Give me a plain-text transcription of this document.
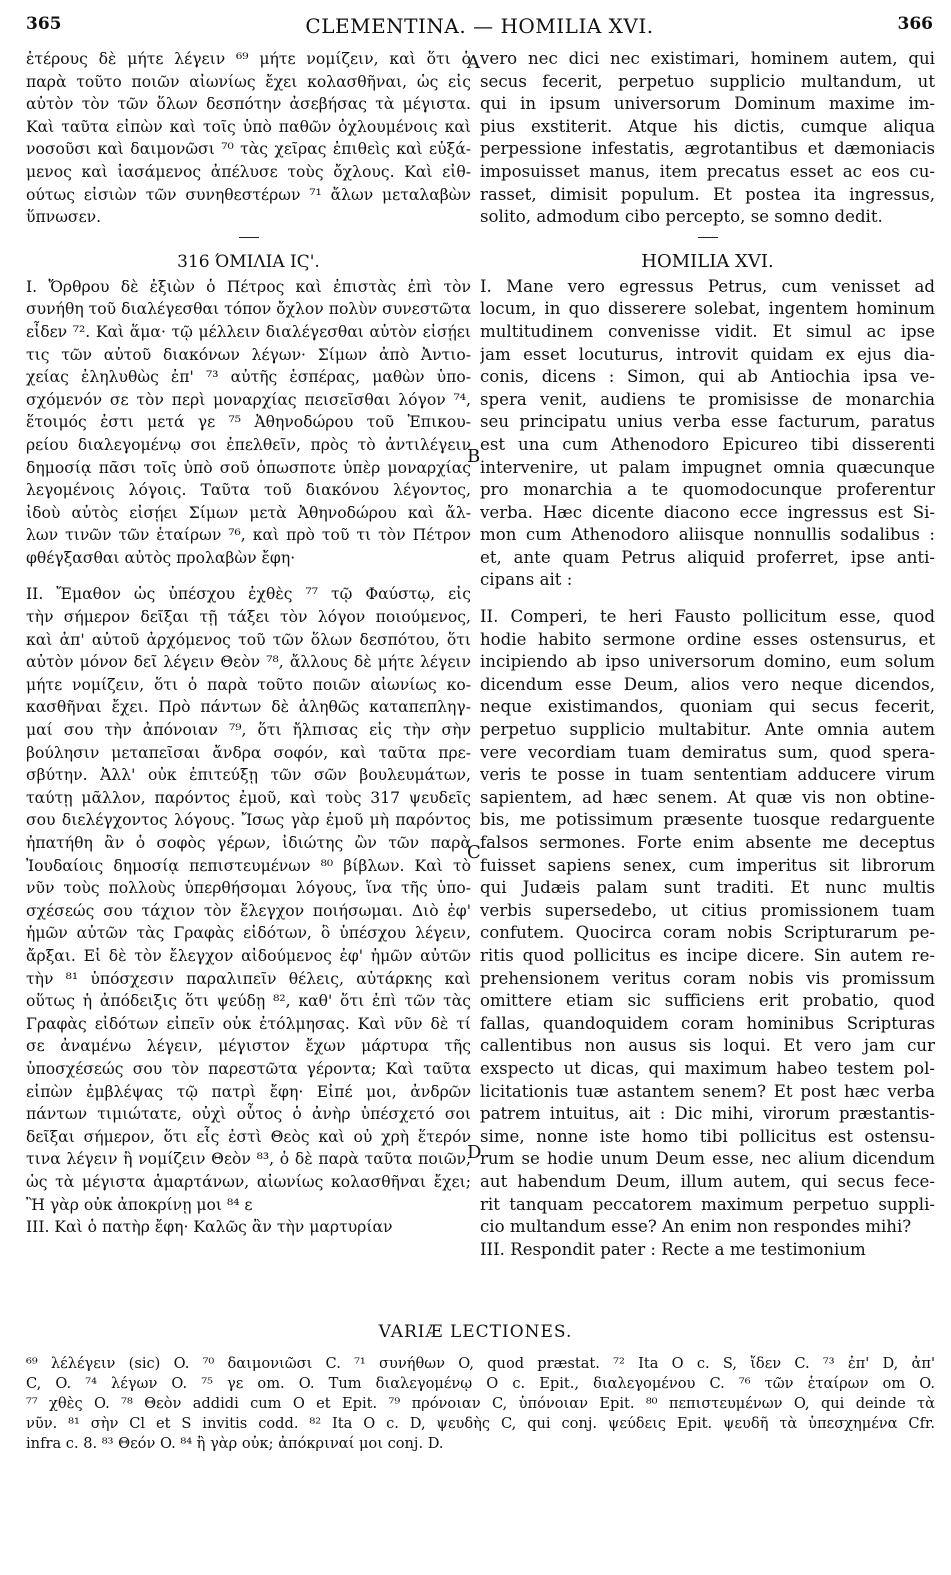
365	CLEMENTINA. — HOMILIA XVI.	366
ἑτέρους δὲ μήτε λέγειν ⁶⁹ μήτε νομίζειν, καὶ ὅτι ὁ
παρὰ τοῦτο ποιῶν αἰωνίως ἔχει κολασθῆναι, ὡς εἰς
αὐτὸν τὸν τῶν ὅλων δεσπότην ἀσεβήσας τὰ μέγιστα.
Καὶ ταῦτα εἰπὼν καὶ τοῖς ὑπὸ παθῶν ὀχλουμένοις καὶ
νοσοῦσι καὶ δαιμονῶσι ⁷⁰ τὰς χεῖρας ἐπιθεὶς καὶ εὐξά-
μενος καὶ ἰασάμενος ἀπέλυσε τοὺς ὄχλους. Καὶ εἰθ-
ούτως εἰσιὼν τῶν συνηθεστέρων ⁷¹ ἄλων μεταλαβὼν
ὕπνωσεν.
316 ΌΜΙΛΙΑ ΙϚ'.
I. Ὄρθρου δὲ ἐξιὼν ὁ Πέτρος καὶ ἐπιστὰς ἐπὶ τὸν
συνήθη τοῦ διαλέγεσθαι τόπον ὄχλον πολὺν συνεστῶτα
εἶδεν ⁷². Καὶ ἅμα· τῷ μέλλειν διαλέγεσθαι αὐτὸν εἰσῄει
τις τῶν αὐτοῦ διακόνων λέγων· Σίμων ἀπὸ Ἀντιο-
χείας ἐληλυθὼς ἐπ' ⁷³ αὐτῆς ἑσπέρας, μαθὼν ὑπο-
σχόμενόν σε τὸν περὶ μοναρχίας πεισεῖσθαι λόγον ⁷⁴,
ἕτοιμός ἐστι μετά γε ⁷⁵ Ἀθηνοδώρου τοῦ Ἐπικου-
ρείου διαλεγομένῳ σοι ἐπελθεῖν, πρὸς τὸ ἀντιλέγειν
δημοσίᾳ πᾶσι τοῖς ὑπὸ σοῦ ὁπωσποτε ὑπὲρ μοναρχίας
λεγομένοις λόγοις. Ταῦτα τοῦ διακόνου λέγοντος,
ἰδοὺ αὐτὸς εἰσῄει Σίμων μετὰ Ἀθηνοδώρου καὶ ἄλ-
λων τινῶν τῶν ἑταίρων ⁷⁶, καὶ πρὸ τοῦ τι τὸν Πέτρον
φθέγξασθαι αὐτὸς προλαβὼν ἔφη·
II. Ἔμαθον ὡς ὑπέσχου ἐχθὲς ⁷⁷ τῷ Φαύστῳ, εἰς
τὴν σήμερον δεῖξαι τῇ τάξει τὸν λόγον ποιούμενος,
καὶ ἀπ' αὐτοῦ ἀρχόμενος τοῦ τῶν ὅλων δεσπότου, ὅτι
αὐτὸν μόνον δεῖ λέγειν Θεὸν ⁷⁸, ἄλλους δὲ μήτε λέγειν
μήτε νομίζειν, ὅτι ὁ παρὰ τοῦτο ποιῶν αἰωνίως κο-
κασθῆναι ἔχει. Πρὸ πάντων δὲ ἀληθῶς καταπεπληγ-
μαί σου τὴν ἀπόνοιαν ⁷⁹, ὅτι ἤλπισας εἰς τὴν σὴν
βούλησιν μεταπεῖσαι ἄνδρα σοφόν, καὶ ταῦτα πρε-
σβύτην. Ἀλλ' οὐκ ἐπιτεύξῃ τῶν σῶν βουλευμάτων,
ταύτῃ μᾶλλον, παρόντος ἐμοῦ, καὶ τοὺς 317 ψευδεῖς
σου διελέγχοντος λόγους. Ἴσως γὰρ ἐμοῦ μὴ παρόντος
ἠπατήθη ἂν ὁ σοφὸς γέρων, ἰδιώτης ὢν τῶν παρὰ
Ἰουδαίοις δημοσίᾳ πεπιστευμένων ⁸⁰ βίβλων. Καὶ τὸ
νῦν τοὺς πολλοὺς ὑπερθήσομαι λόγους, ἵνα τῆς ὑπο-
σχέσεώς σου τάχιον τὸν ἔλεγχον ποιήσωμαι. Διὸ ἐφ'
ἡμῶν αὐτῶν τὰς Γραφὰς εἰδότων, ὃ ὑπέσχου λέγειν,
ἄρξαι. Εἰ δὲ τὸν ἔλεγχον αἰδούμενος ἐφ' ἡμῶν αὐτῶν
τὴν ⁸¹ ὑπόσχεσιν παραλιπεῖν θέλεις, αὐτάρκης καὶ
οὕτως ἡ ἀπόδειξις ὅτι ψεύδῃ ⁸², καθ' ὅτι ἐπὶ τῶν τὰς
Γραφὰς εἰδότων εἰπεῖν οὐκ ἐτόλμησας. Καὶ νῦν δὲ τί
σε ἀναμένω λέγειν, μέγιστον ἔχων μάρτυρα τῆς
ὑποσχέσεώς σου τὸν παρεστῶτα γέροντα; Καὶ ταῦτα
εἰπὼν ἐμβλέψας τῷ πατρὶ ἔφη· Εἰπέ μοι, ἀνδρῶν
πάντων τιμιώτατε, οὐχὶ οὗτος ὁ ἀνὴρ ὑπέσχετό σοι
δεῖξαι σήμερον, ὅτι εἷς ἐστὶ Θεὸς καὶ οὐ χρὴ ἕτερόν
τινα λέγειν ἢ νομίζειν Θεὸν ⁸³, ὁ δὲ παρὰ ταῦτα ποιῶν,
ὡς τὰ μέγιστα ἁμαρτάνων, αἰωνίως κολασθῆναι ἔχει;
Ἢ γὰρ οὐκ ἀποκρίνῃ μοι ⁸⁴ ε
III. Καὶ ὁ πατὴρ ἔφη· Καλῶς ἂν τὴν μαρτυρίαν
vero nec dici nec existimari, hominem autem, qui
secus fecerit, perpetuo supplicio multandum, ut
qui in ipsum universorum Dominum maxime im-
pius exstiterit. Atque his dictis, cumque aliqua
perpessione infestatis, ægrotantibus et dæmoniacis
imposuisset manus, item precatus esset ac eos cu-
rasset, dimisit populum. Et postea ita ingressus,
solito, admodum cibo percepto, se somno dedit.
HOMILIA XVI.
I. Mane vero egressus Petrus, cum venisset ad
locum, in quo disserere solebat, ingentem hominum
multitudinem convenisse vidit. Et simul ac ipse
jam esset locuturus, introvit quidam ex ejus dia-
conis, dicens : Simon, qui ab Antiochia ipsa ve-
spera venit, audiens te promisisse de monarchia
seu principatu unius verba esse facturum, paratus
est una cum Athenodoro Epicureo tibi disserenti
intervenire, ut palam impugnet omnia quæcunque
pro monarchia a te quomodocunque proferentur
verba. Hæc dicente diacono ecce ingressus est Si-
mon cum Athenodoro aliisque nonnullis sodalibus :
et, ante quam Petrus aliquid proferret, ipse anti-
cipans ait :
II. Comperi, te heri Fausto pollicitum esse, quod
hodie habito sermone ordine esses ostensurus, et
incipiendo ab ipso universorum domino, eum solum
dicendum esse Deum, alios vero neque dicendos,
neque existimandos, quoniam qui secus fecerit,
perpetuo supplicio multabitur. Ante omnia autem
vere vecordiam tuam demiratus sum, quod spera-
veris te posse in tuam sententiam adducere virum
sapientem, ad hæc senem. At quæ vis non obtine-
bis, me potissimum præsente tuosque redarguente
falsos sermones. Forte enim absente me deceptus
fuisset sapiens senex, cum imperitus sit librorum
qui Judæis palam sunt traditi. Et nunc multis
verbis supersedebo, ut citius promissionem tuam
confutem. Quocirca coram nobis Scripturarum pe-
ritis quod pollicitus es incipe dicere. Sin autem re-
prehensionem veritus coram nobis vis promissum
omittere etiam sic sufficiens erit probatio, quod
fallas, quandoquidem coram hominibus Scripturas
callentibus non ausus sis loqui. Et vero jam cur
exspecto ut dicas, qui maximum habeo testem pol-
licitationis tuæ astantem senem? Et post hæc verba
patrem intuitus, ait : Dic mihi, virorum præstantis-
sime, nonne iste homo tibi pollicitus est ostensu-
rum se hodie unum Deum esse, nec alium dicendum
aut habendum Deum, illum autem, qui secus fece-
rit tanquam peccatorem maximum perpetuo suppli-
cio multandum esse? An enim non respondes mihi?
III. Respondit pater : Recte a me testimonium
A
B
C
D
VARIÆ LECTIONES.
⁶⁹ λέλέγειν (sic) O. ⁷⁰ δαιμονιῶσι C. ⁷¹ συνήθων O, quod præstat. ⁷² Ita O c. S, ἴδεν C. ⁷³ ἐπ' D, ἀπ'
C, O. ⁷⁴ λέγων O. ⁷⁵ γε om. O. Tum διαλεγομένῳ O c. Epit., διαλεγομένου C. ⁷⁶ τῶν ἑταίρων om O.
⁷⁷ χθὲς O. ⁷⁸ Θεὸν addidi cum O et Epit. ⁷⁹ πρόνοιαν C, ὑπόνοιαν Epit. ⁸⁰ πεπιστευμένων O, qui deinde τὰ
νῦν. ⁸¹ σὴν Cl et S invitis codd. ⁸² Ita O c. D, ψευδὴς C, qui conj. ψεύδεις Epit. ψευδῆ τὰ ὑπεσχημένα Cfr.
infra c. 8. ⁸³ Θεόν O. ⁸⁴ ἢ γὰρ οὐκ; ἀπόκριναί μοι conj. D.
